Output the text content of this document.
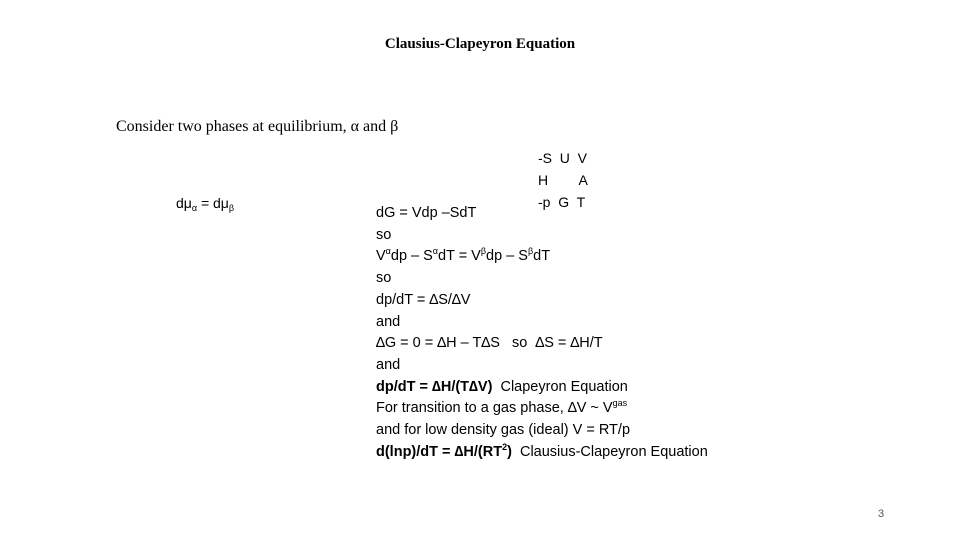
Clausius-Clapeyron Equation
Consider two phases at equilibrium, α and β
$d\mu_\alpha = d\mu_\beta$
-S  U  V
H        A
-p  G  T
dG = Vdp –SdT
so
$V^\alpha dp - S^\alpha dT = V^\beta dp - S^\beta dT$
so
dp/dT = ∆S/∆V
and
∆G = 0 = ∆H – T∆S   so  ∆S = ∆H/T
and
dp/dT = ∆H/(T∆V)  Clapeyron Equation
For transition to a gas phase, ∆V ~ $V^{gas}$
and for low density gas (ideal) V = RT/p
$d(\ln p)/dT = \Delta H/(RT^2)$  Clausius-Clapeyron Equation
3
